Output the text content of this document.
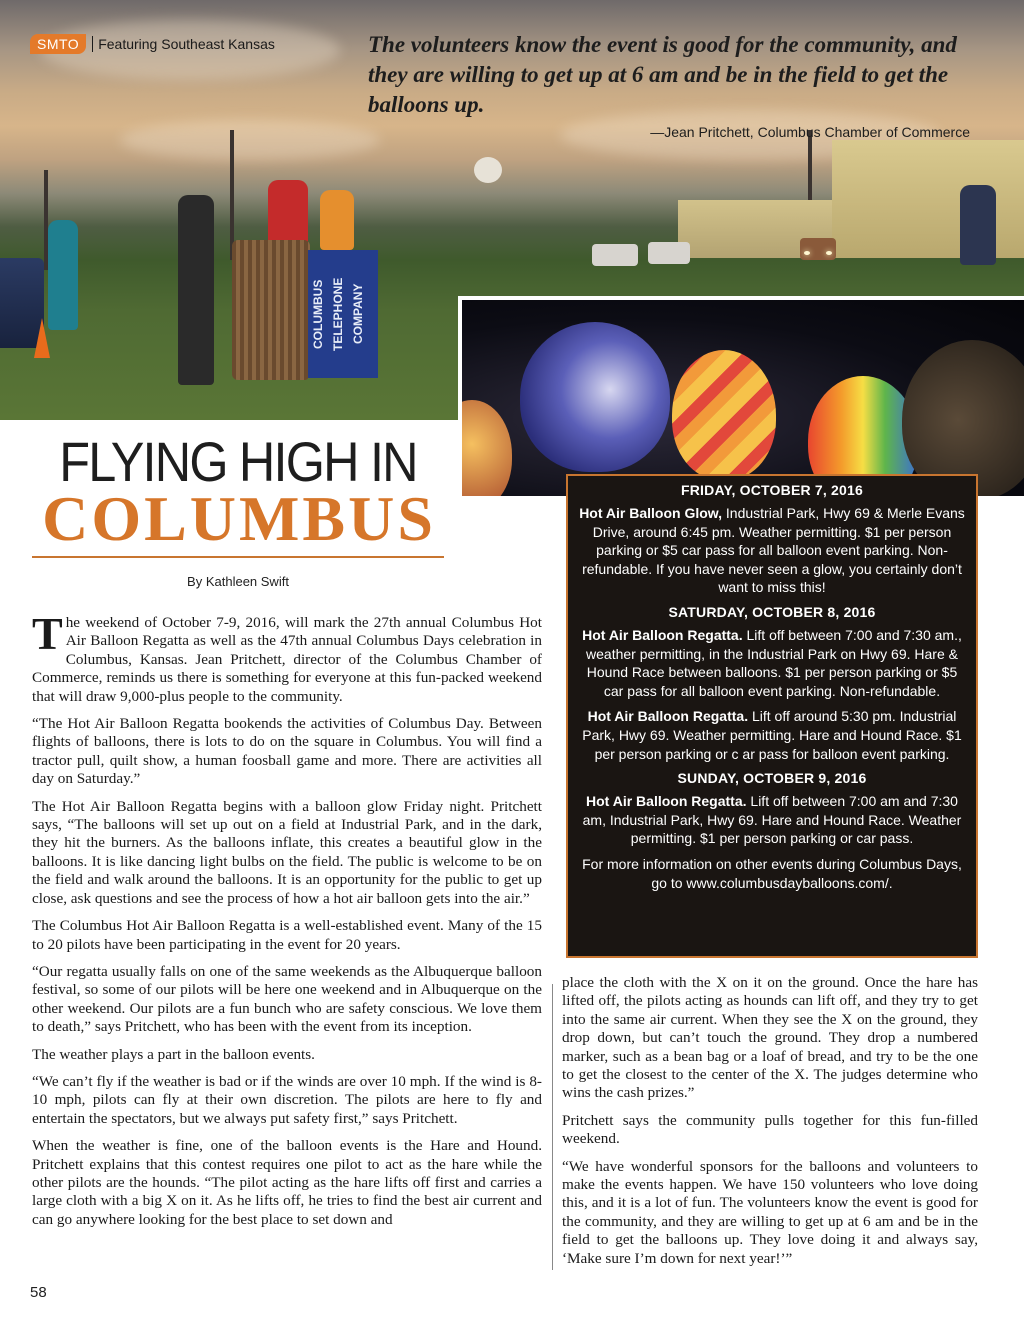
COLUMBUS TELEPHONE COMPANY
SMTO	Featuring Southeast Kansas	The volunteers know the event is good for the community, and they are willing to get up at 6 am and be in the field to get the balloons up.
—Jean Pritchett, Columbus Chamber of Commerce
FLYING HIGH IN
COLUMBUS
By Kathleen Swift

The weekend of October 7-9, 2016, will mark the 27th annual Columbus Hot Air Balloon Regatta as well as the 47th annual Columbus Days celebration in Columbus, Kansas. Jean Pritchett, director of the Columbus Chamber of Commerce, reminds us there is something for everyone at this fun-packed weekend that will draw 9,000-plus people to the community.

“The Hot Air Balloon Regatta bookends the activities of Columbus Day. Between flights of balloons, there is lots to do on the square in Columbus. You will find a tractor pull, quilt show, a human foosball game and more. There are activities all day on Saturday.”

The Hot Air Balloon Regatta begins with a balloon glow Friday night. Pritchett says, “The balloons will set up out on a field at Industrial Park, and in the dark, they hit the burners. As the balloons inflate, this creates a beautiful glow in the balloons. It is like dancing light bulbs on the field. The public is welcome to be on the field and walk around the balloons. It is an opportunity for the public to get up close, ask questions and see the process of how a hot air balloon gets into the air.”

The Columbus Hot Air Balloon Regatta is a well-established event. Many of the 15 to 20 pilots have been participating in the event for 20 years.

“Our regatta usually falls on one of the same weekends as the Albuquerque balloon festival, so some of our pilots will be here one weekend and in Albuquerque on the other weekend. Our pilots are a fun bunch who are safety conscious. We love them to death,” says Pritchett, who has been with the event from its inception.

The weather plays a part in the balloon events.

“We can’t fly if the weather is bad or if the winds are over 10 mph. If the wind is 8-10 mph, pilots can fly at their own discretion. The pilots are here to fly and entertain the spectators, but we always put safety first,” says Pritchett.

When the weather is fine, one of the balloon events is the Hare and Hound. Pritchett explains that this contest requires one pilot to act as the hare while the other pilots are the hounds. “The pilot acting as the hare lifts off first and carries a large cloth with a big X on it. As he lifts off, he tries to find the best air current and can go anywhere looking for the best place to set down and

FRIDAY, OCTOBER 7, 2016
Hot Air Balloon Glow, Industrial Park, Hwy 69 & Merle Evans Drive, around 6:45 pm. Weather permitting. $1 per person parking or $5 car pass for all balloon event parking. Non-refundable. If you have never seen a glow, you certainly don’t want to miss this!
SATURDAY, OCTOBER 8, 2016
Hot Air Balloon Regatta. Lift off between 7:00 and 7:30 am., weather permitting, in the Industrial Park on Hwy 69. Hare & Hound Race between balloons. $1 per person parking or $5 car pass for all balloon event parking. Non-refundable.
Hot Air Balloon Regatta. Lift off around 5:30 pm. Industrial Park, Hwy 69. Weather permitting. Hare and Hound Race. $1 per person parking or c ar pass for balloon event parking.
SUNDAY, OCTOBER 9, 2016
Hot Air Balloon Regatta. Lift off between 7:00 am and 7:30 am, Industrial Park, Hwy 69. Hare and Hound Race. Weather permitting. $1 per person parking or car pass.
For more information on other events during Columbus Days, go to www.columbusdayballoons.com/.

place the cloth with the X on it on the ground. Once the hare has lifted off, the pilots acting as hounds can lift off, and they try to get into the same air current. When they see the X on the ground, they drop down, but can’t touch the ground. They drop a numbered marker, such as a bean bag or a loaf of bread, and try to be the one to get the closest to the center of the X. The judges determine who wins the cash prizes.”

Pritchett says the community pulls together for this fun-filled weekend.

“We have wonderful sponsors for the balloons and volunteers to make the events happen. We have 150 volunteers who love doing this, and it is a lot of fun. The volunteers know the event is good for the community, and they are willing to get up at 6 am and be in the field to get the balloons up. They love doing it and always say, ‘Make sure I’m down for next year!’”

58
